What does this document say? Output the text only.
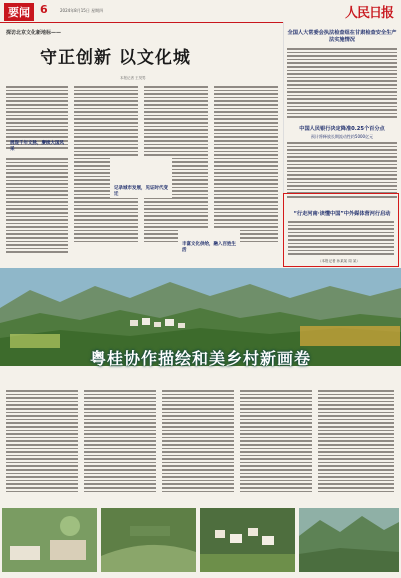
要闻 6	2024年8月15日 星期四	人民日报
探访北京文化新地标——
守正创新 以文化城
本报记者 王昊男
展现千年文脉，赓续大国风采
记录城市发展，见证时代变迁
丰富文化供给，融入百姓生活
全国人大常委会执法检查组在甘肃检查安全生产法实施情况
中国人民银行决定降准0.25个百分点
预计将释放长期流动性约5000亿元
“行走河南·读懂中国”中外媒体营河行启动
（本报记者 孙某某 周 某）
粤桂协作描绘和美乡村新画卷
